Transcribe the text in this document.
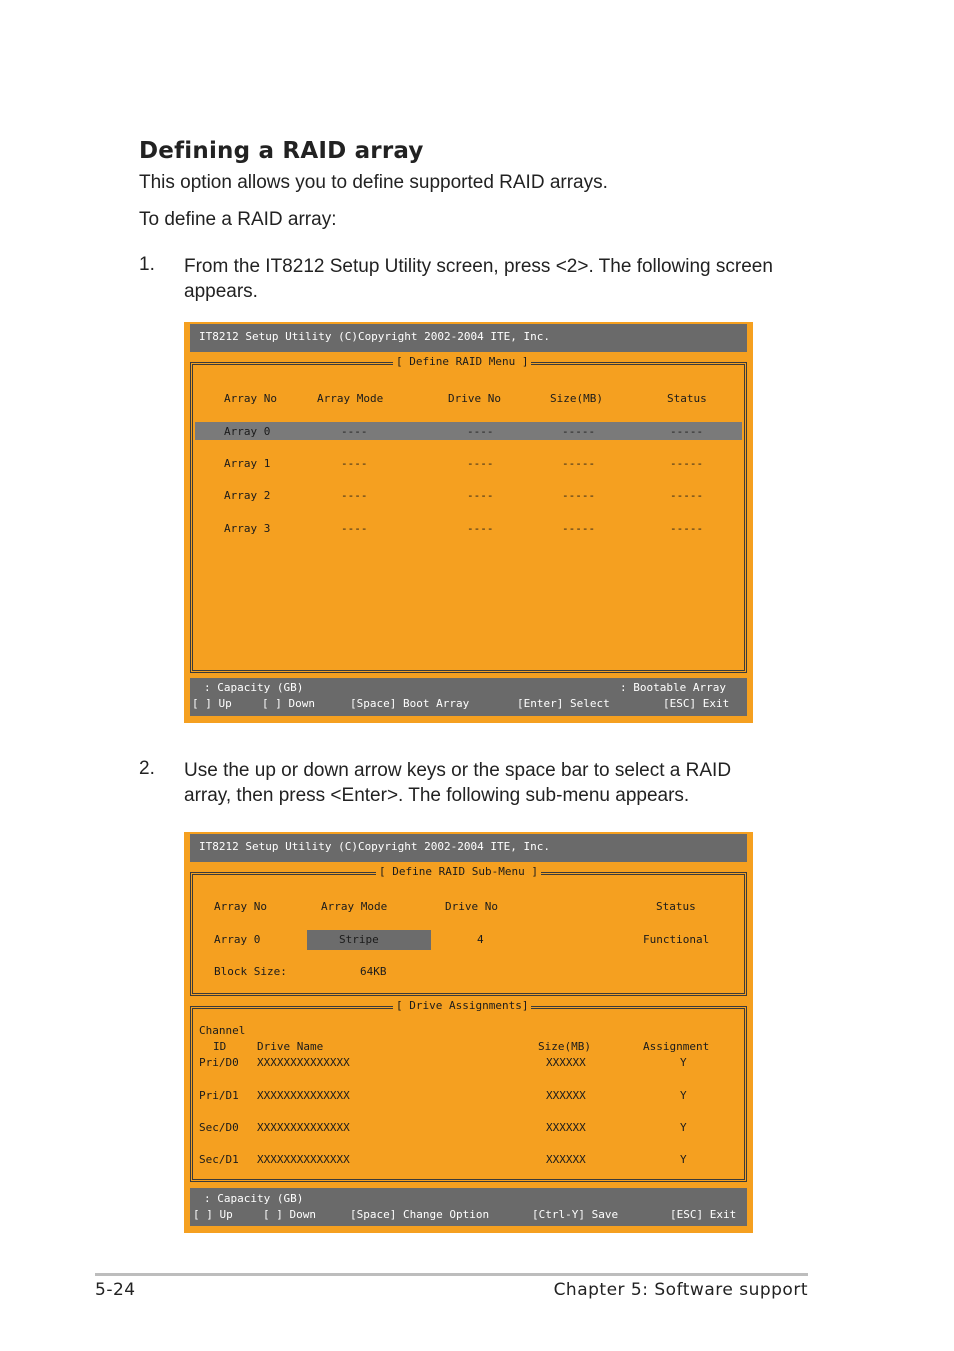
Defining a RAID array
This option allows you to define supported RAID arrays.
To define a RAID array:
1. From the IT8212 Setup Utility screen, press <2>. The following screen
appears.
IT8212 Setup Utility (C)Copyright 2002-2004 ITE, Inc.
[ Define RAID Menu ]
Array No	Array Mode	Drive No	Size(MB)	Status
Array 0	----	----	-----	-----
Array 1	----	----	-----	-----
Array 2	----	----	-----	-----
Array 3	----	----	-----	-----
: Capacity (GB)	: Bootable Array
[ ] Up	[ ] Down	[Space] Boot Array	[Enter] Select	[ESC] Exit
2. Use the up or down arrow keys or the space bar to select a RAID
array, then press <Enter>. The following sub-menu appears.
IT8212 Setup Utility (C)Copyright 2002-2004 ITE, Inc.
[ Define RAID Sub-Menu ]
Array No	Array Mode	Drive No	Status
Array 0	Stripe	4	Functional
Block Size:	64KB
[ Drive Assignments]
Channel
ID	Drive Name	Size(MB)	Assignment
Pri/D0 XXXXXXXXXXXXXX	XXXXXX	Y
Pri/D1 XXXXXXXXXXXXXX	XXXXXX	Y
Sec/D0 XXXXXXXXXXXXXX	XXXXXX	Y
Sec/D1 XXXXXXXXXXXXXX	XXXXXX	Y
: Capacity (GB)
[ ] Up	[ ] Down	[Space] Change Option	[Ctrl-Y] Save	[ESC] Exit
5-24	Chapter 5: Software support
